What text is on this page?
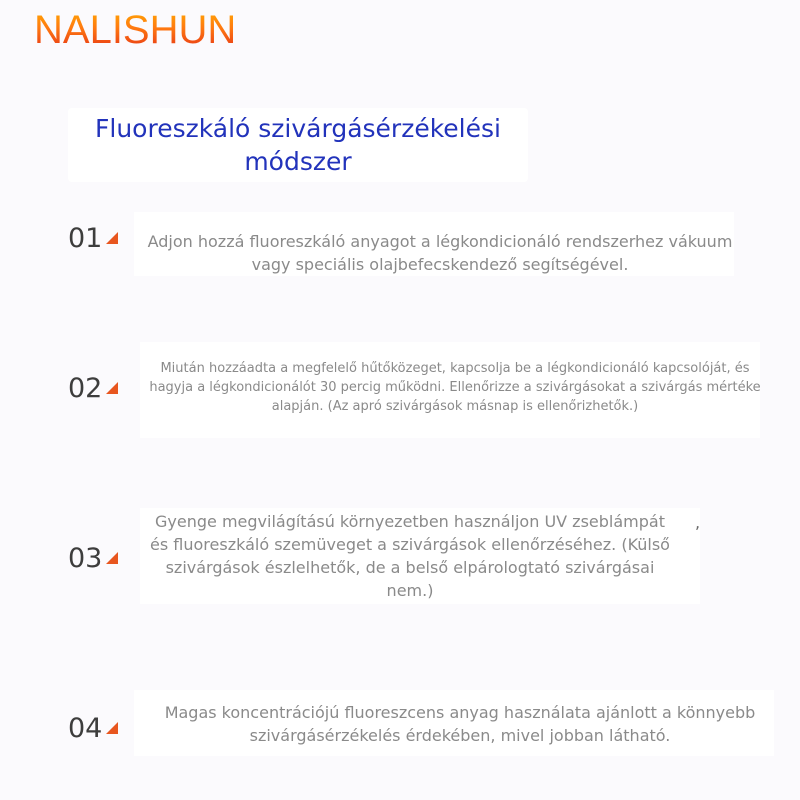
NALISHUN
Fluoreszkáló szivárgásérzékelési módszer
01	Adjon hozzá fluoreszkáló anyagot a légkondicionáló rendszerhez vákuum vagy speciális olajbefecskendező segítségével.
02
Miután hozzáadta a megfelelő hűtőközeget, kapcsolja be a légkondicionáló kapcsolóját, és hagyja a légkondicionálót 30 percig működni. Ellenőrizze a szivárgásokat a szivárgás mértéke alapján. (Az apró szivárgások másnap is ellenőrizhetők.)
03
Gyenge megvilágítású környezetben használjon UV zseblámpát és fluoreszkáló szemüveget a szivárgások ellenőrzéséhez. (Külső szivárgások észlelhetők, de a belső elpárologtató szivárgásai nem.)
,
04
Magas koncentrációjú fluoreszcens anyag használata ajánlott a könnyebb szivárgásérzékelés érdekében, mivel jobban látható.
